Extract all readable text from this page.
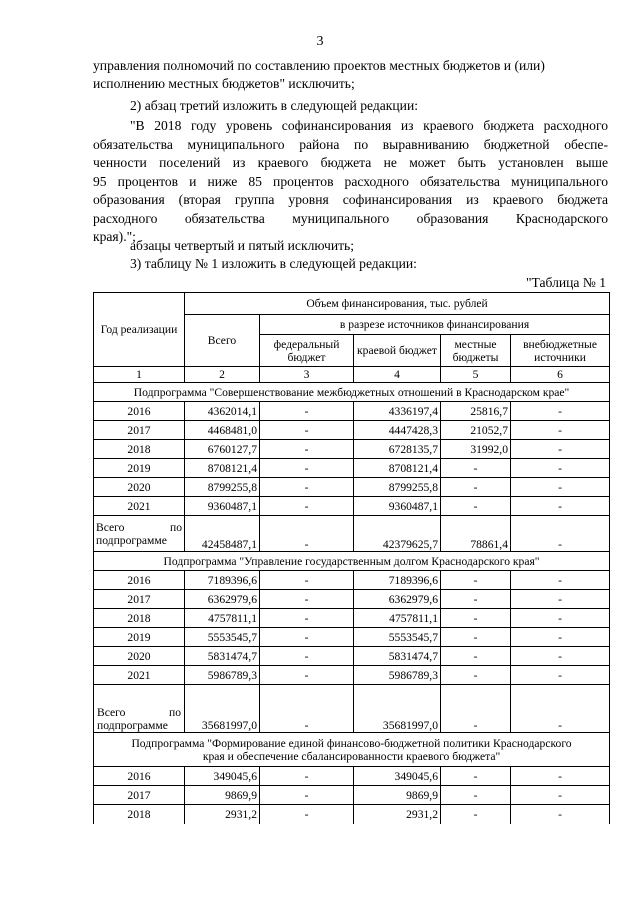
3
управления полномочий по составлению проектов местных бюджетов и (или)
исполнению местных бюджетов" исключить;
2) абзац третий изложить в следующей редакции:
"В 2018 году уровень софинансирования из краевого бюджета расходного
обязательства муниципального района по выравниванию бюджетной обеспе-
ченности поселений из краевого бюджета не может быть установлен выше
95 процентов и ниже 85 процентов расходного обязательства муниципального
образования (вторая группа уровня софинансирования из краевого бюджета
расходного обязательства муниципального образования Краснодарского
края).";
абзацы четвертый и пятый исключить;
3) таблицу № 1 изложить в следующей редакции:
"Таблица № 1
Год реализации	Объем финансирования, тыс. рублей				
	Всего	в разрезе источников финансирования			
		федеральный бюджет	краевой бюджет	местные бюджеты	внебюджетные источники
1	2	3	4	5	6
Подпрограмма "Совершенствование межбюджетных отношений в Краснодарском крае"					
2016	4362014,1	-	4336197,4	25816,7	-
2017	4468481,0	-	4447428,3	21052,7	-
2018	6760127,7	-	6728135,7	31992,0	-
2019	8708121,4	-	8708121,4	-	-
2020	8799255,8	-	8799255,8	-	-
2021	9360487,1	-	9360487,1	-	-

Всего по
подпрограмме	42458487,1	-	42379625,7	78861,4	-
Подпрограмма "Управление государственным долгом Краснодарского края"					
2016	7189396,6	-	7189396,6	-	-
2017	6362979,6	-	6362979,6	-	-
2018	4757811,1	-	4757811,1	-	-
2019	5553545,7	-	5553545,7	-	-
2020	5831474,7	-	5831474,7	-	-
2021	5986789,3	-	5986789,3	-	-

Всего по
подпрограмме	35681997,0	-	35681997,0	-	-

Подпрограмма "Формирование единой финансово-бюджетной политики Краснодарского
края и обеспечение сбалансированности краевого бюджета"					

2016	349045,6	-	349045,6	-	-
2017	9869,9	-	9869,9	-	-
2018	2931,2	-	2931,2	-	-
